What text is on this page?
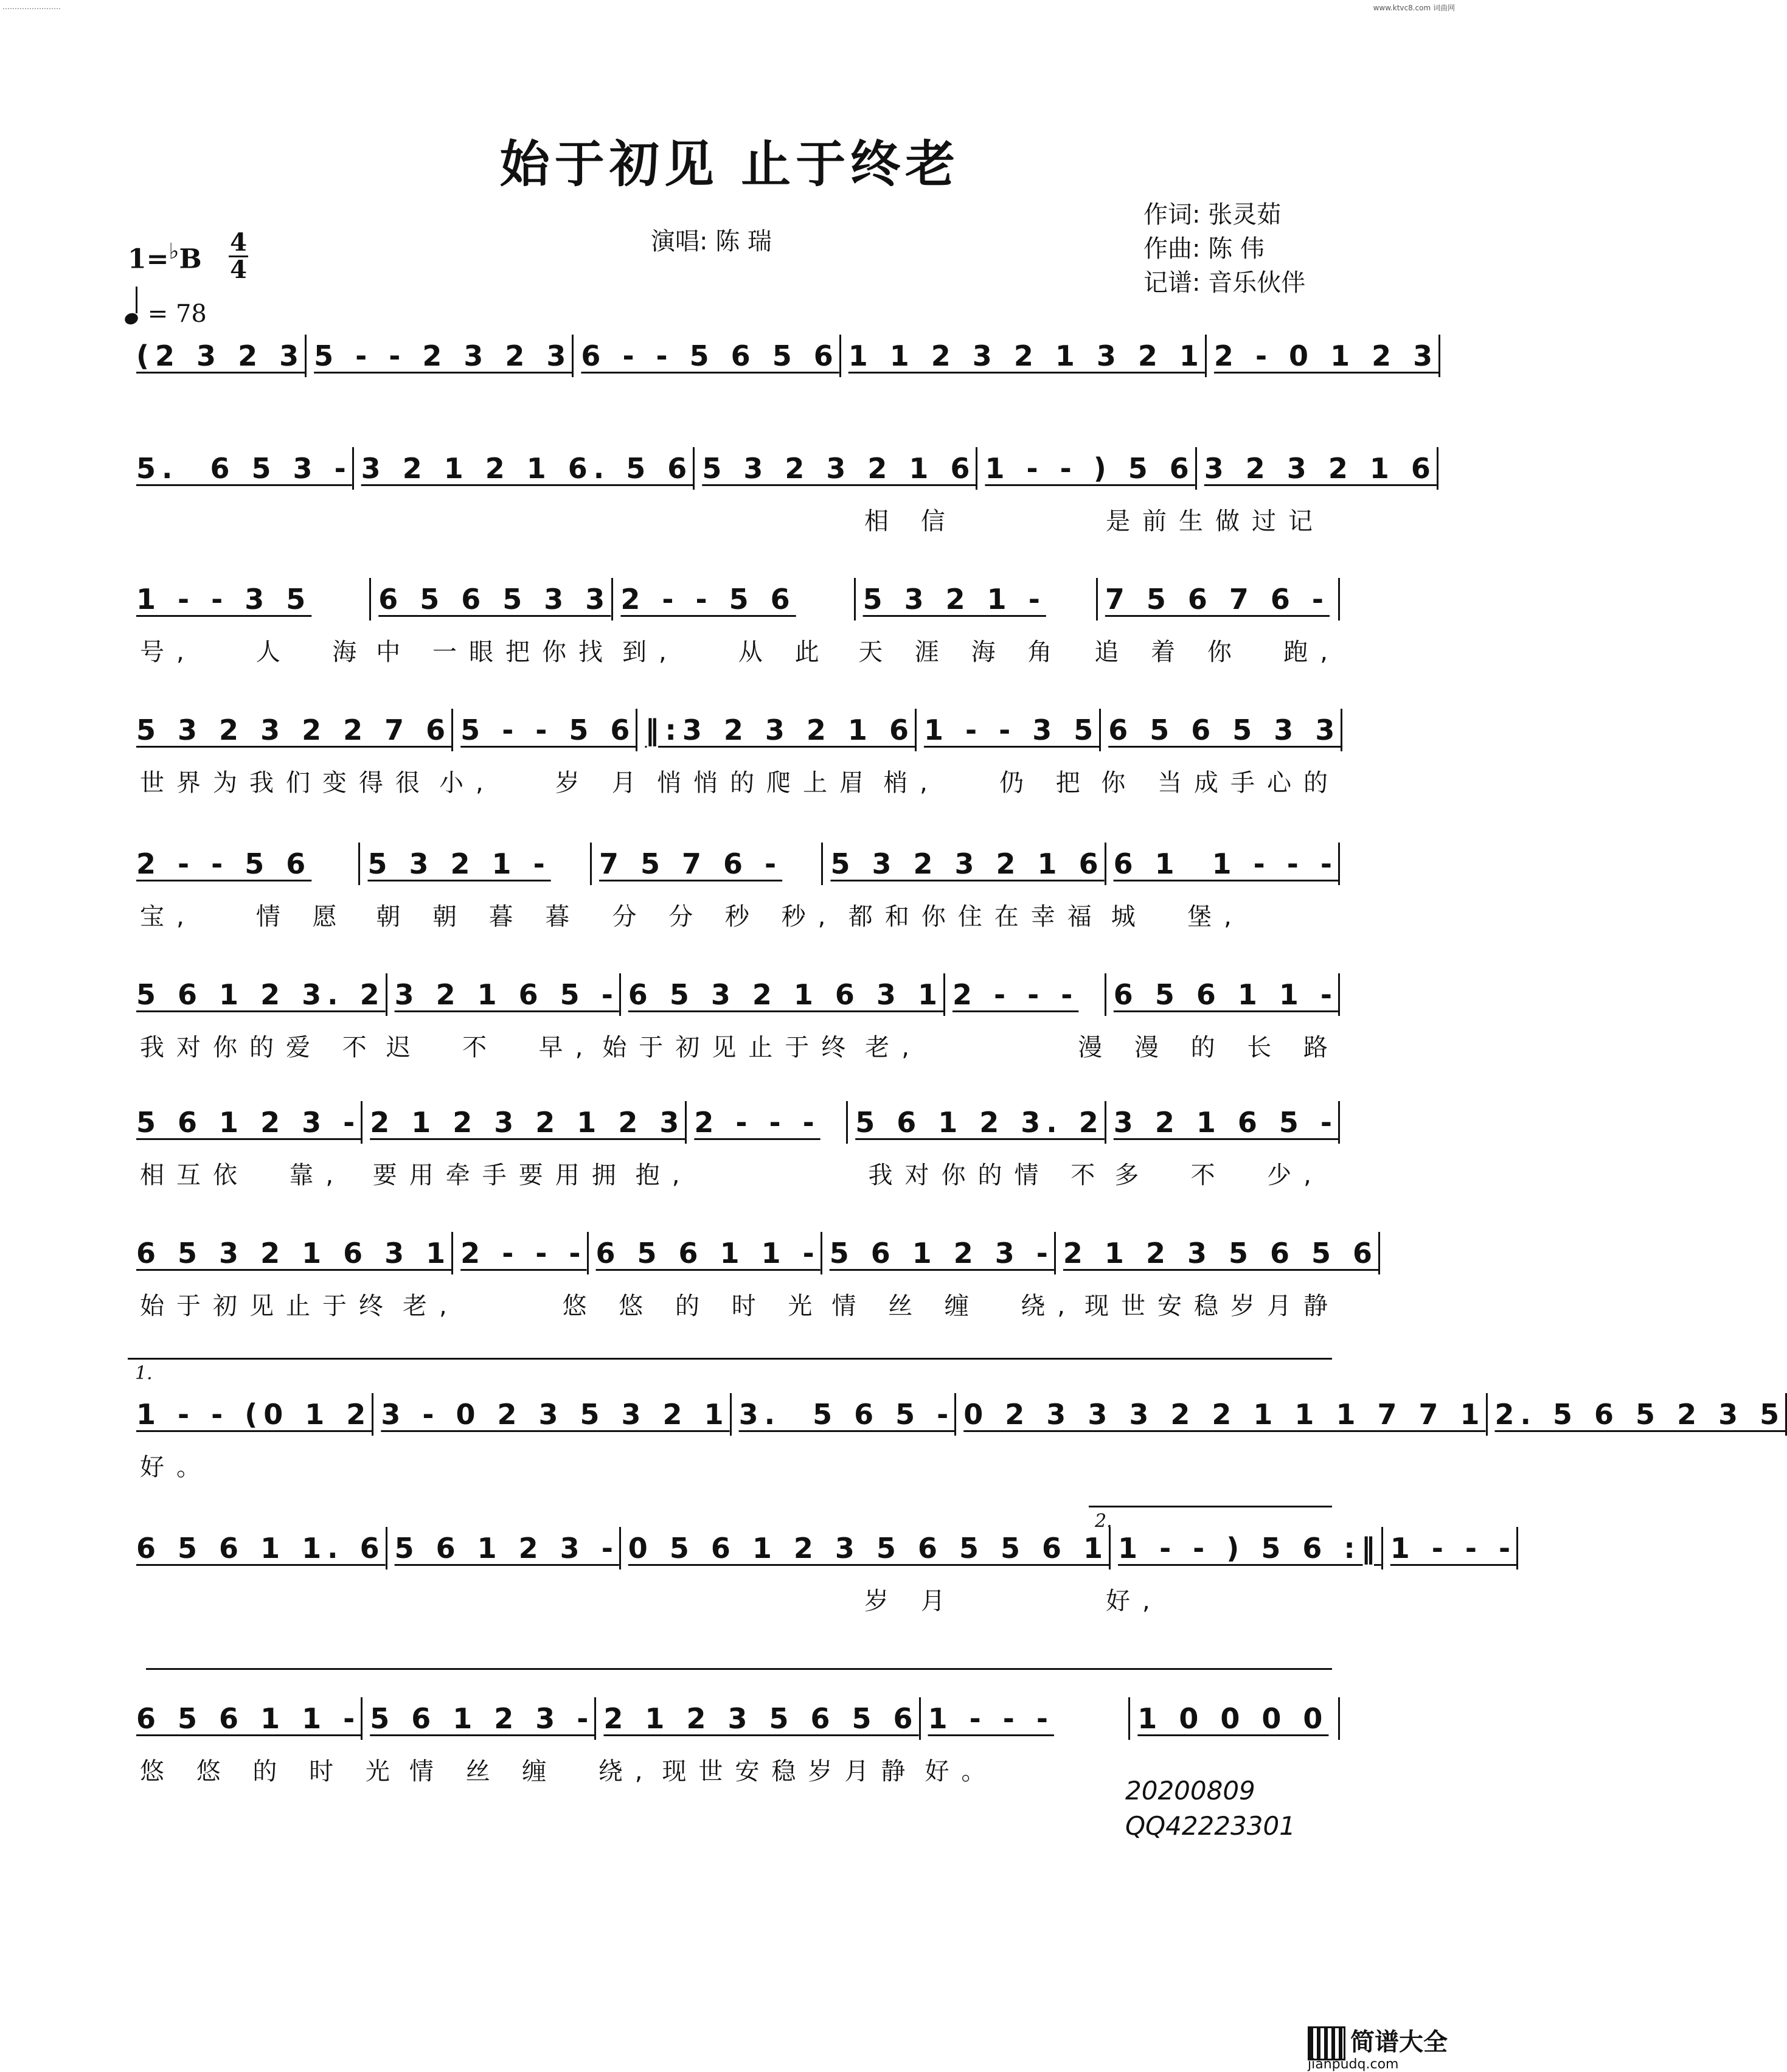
……………………	www.ktvc8.com 词曲网
始于初见 止于终老
演唱: 陈 瑞
作词: 张灵茹
作曲: 陈 伟
记谱: 音乐伙伴
1=♭B
4
4
= 78
(2 3 2 3 5 - - 2 3 2 3 6 - - 5 6 5 6 1 1 2 3 2 1 3 2 1 2 - 0 1 2 3
5.  6 5 3 - 3 2 1 2 1 6. 5 6 5 3 2 3 2 1 6 1 - - ) 5 6 3 2 3 2 1 6
相 信	是前生做过记
1 - - 3 5	6 5 6 5 3 3 2 - - 5 6	5 3 2 1 -	7 5 6 7 6 -
号,   人  海 中 一眼把你找 到,   从 此	天 涯 海 角	追 着 你  跑,
5 3 2 3 2 2 7 6 5 - - 5 6 ‖:3 2 3 2 1 6 1 - - 3 5 6 5 6 5 3 3
世界为我们变得很 小,   岁 月 悄悄的爬上眉 梢,   仍 把 你 当成手心的
2 - - 5 6	5 3 2 1 -	7 5 7 6 -	5 3 2 3 2 1 6 6 1  1 - - -
宝,   情 愿	朝 朝 暮 暮	分 分 秒 秒, 都和你住在幸福 城  堡,
5 6 1 2 3. 2 3 2 1 6 5 - 6 5 3 2 1 6 3 1 2 - - -	6 5 6 1 1 -
我对你的爱 不 迟  不  早, 始于初见止于终 老,	漫 漫 的 长 路
5 6 1 2 3 - 2 1 2 3 2 1 2 3 2 - - -	5 6 1 2 3. 2 3 2 1 6 5 -
相互依  靠,	要用牵手要用拥 抱,	我对你的情 不 多  不  少,
6 5 3 2 1 6 3 1 2 - - - 6 5 6 1 1 - 5 6 1 2 3 - 2 1 2 3 5 6 5 6
始于初见止于终 老,	悠 悠 的 时 光 情 丝 缠  绕, 现世安稳岁月静
1 - - (0 1 2 3 - 0 2 3 5 3 2 1 3.  5 6 5 - 0 2 3 3 3 2 2 1 1 1 7 7 1 2. 5 6 5 2 3 5
好。
6 5 6 1 1. 6 5 6 1 2 3 - 0 5 6 1 2 3 5 6 5 5 6 1 1 - - ) 5 6 :‖ 1 - - -
岁 月	好,
6 5 6 1 1 - 5 6 1 2 3 - 2 1 2 3 5 6 5 6 1 - - -	1 0 0 0 0
悠 悠 的 时 光 情 丝 缠  绕, 现世安稳岁月静 好。
1.
2.
20200809
QQ42223301
简谱大全
jianpudq.com
